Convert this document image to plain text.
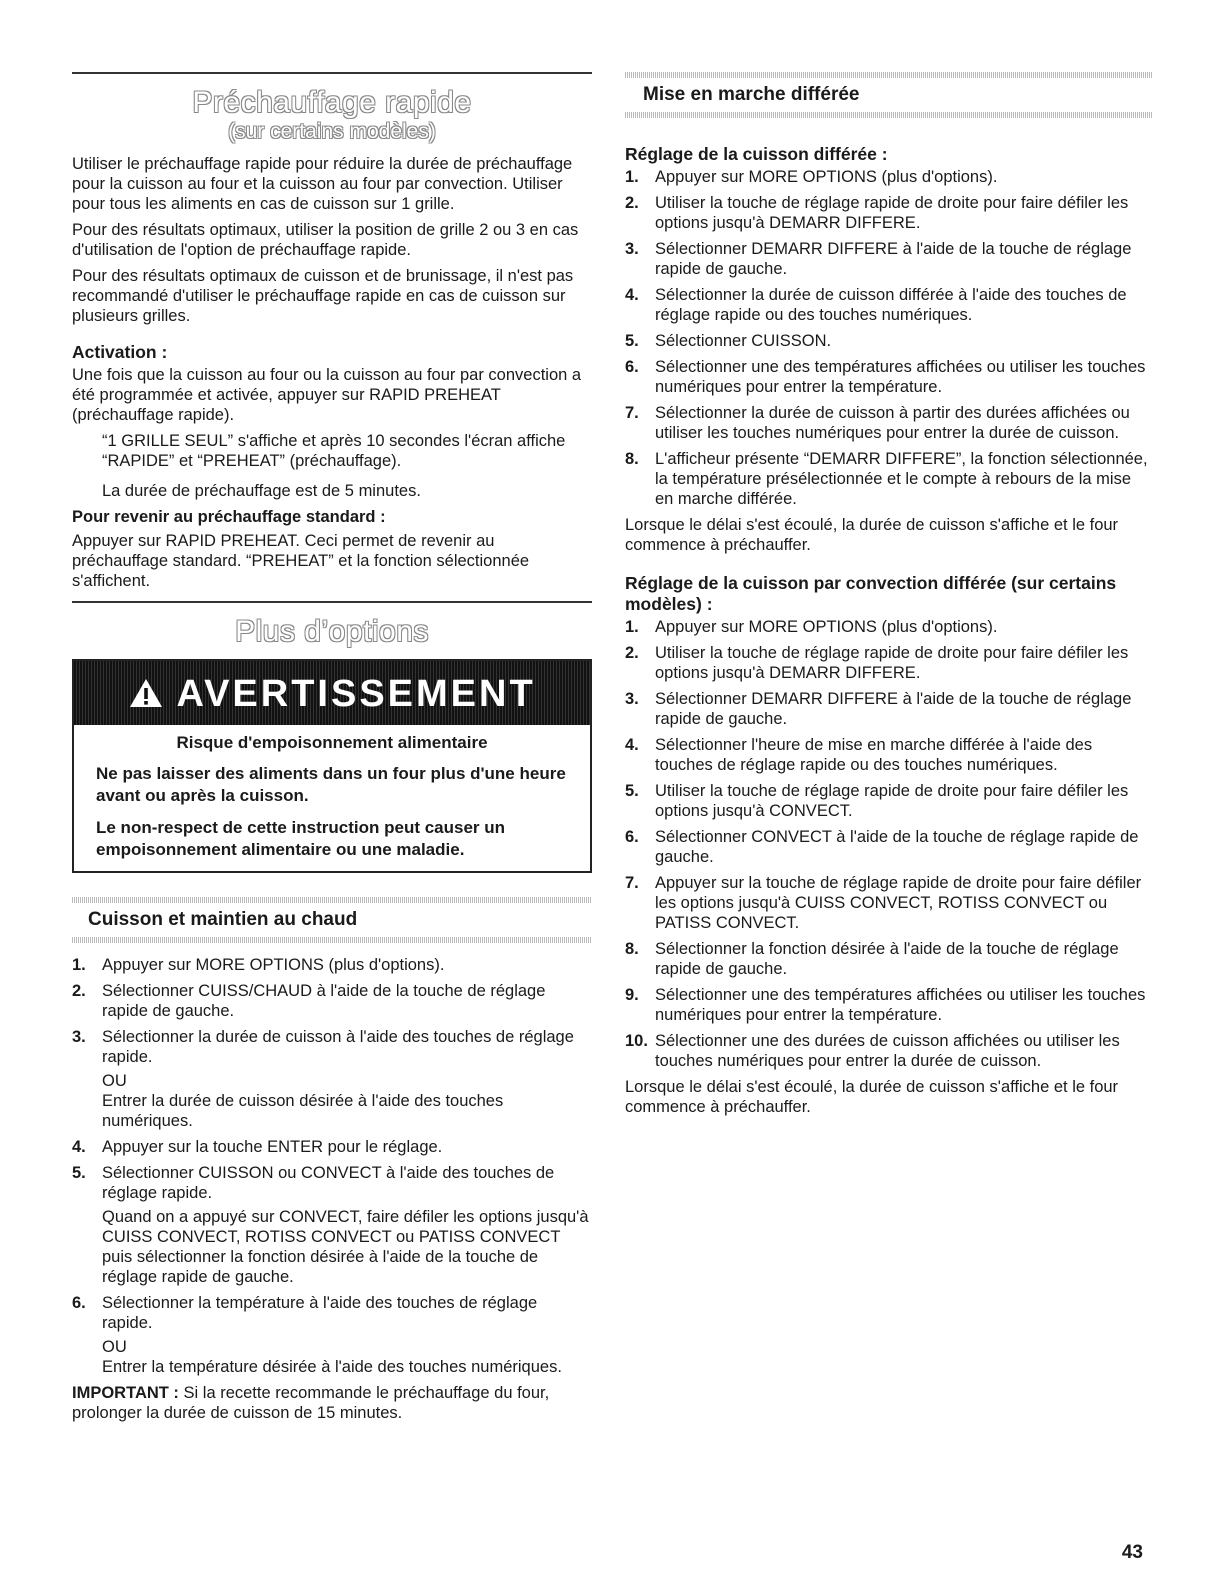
Préchauffage rapide
(sur certains modèles)

Utiliser le préchauffage rapide pour réduire la durée de préchauffage pour la cuisson au four et la cuisson au four par convection. Utiliser pour tous les aliments en cas de cuisson sur 1 grille.

Pour des résultats optimaux, utiliser la position de grille 2 ou 3 en cas d'utilisation de l'option de préchauffage rapide.

Pour des résultats optimaux de cuisson et de brunissage, il n'est pas recommandé d'utiliser le préchauffage rapide en cas de cuisson sur plusieurs grilles.

Activation :

Une fois que la cuisson au four ou la cuisson au four par convection a été programmée et activée, appuyer sur RAPID PREHEAT (préchauffage rapide).

“1 GRILLE SEUL” s'affiche et après 10 secondes l'écran affiche “RAPIDE” et “PREHEAT” (préchauffage).

La durée de préchauffage est de 5 minutes.

Pour revenir au préchauffage standard :

Appuyer sur RAPID PREHEAT. Ceci permet de revenir au préchauffage standard. “PREHEAT” et la fonction sélectionnée s'affichent.

Plus d’options
AVERTISSEMENT
Risque d'empoisonnement alimentaire
Ne pas laisser des aliments dans un four plus d'une heure avant ou après la cuisson.
Le non-respect de cette instruction peut causer un empoisonnement alimentaire ou une maladie.
Cuisson et maintien au chaud
1. Appuyer sur MORE OPTIONS (plus d'options).
2. Sélectionner CUISS/CHAUD à l'aide de la touche de réglage rapide de gauche.
3. Sélectionner la durée de cuisson à l'aide des touches de réglage rapide.
OU
Entrer la durée de cuisson désirée à l'aide des touches numériques.
4. Appuyer sur la touche ENTER pour le réglage.
5. Sélectionner CUISSON ou CONVECT à l'aide des touches de réglage rapide.
Quand on a appuyé sur CONVECT, faire défiler les options jusqu'à CUISS CONVECT, ROTISS CONVECT ou PATISS CONVECT puis sélectionner la fonction désirée à l'aide de la touche de réglage rapide de gauche.
6. Sélectionner la température à l'aide des touches de réglage rapide.
OU
Entrer la température désirée à l'aide des touches numériques.

IMPORTANT : Si la recette recommande le préchauffage du four, prolonger la durée de cuisson de 15 minutes.

Mise en marche différée
Réglage de la cuisson différée :
1. Appuyer sur MORE OPTIONS (plus d'options).
2. Utiliser la touche de réglage rapide de droite pour faire défiler les options jusqu'à DEMARR DIFFERE.
3. Sélectionner DEMARR DIFFERE à l'aide de la touche de réglage rapide de gauche.
4. Sélectionner la durée de cuisson différée à l'aide des touches de réglage rapide ou des touches numériques.
5. Sélectionner CUISSON.
6. Sélectionner une des températures affichées ou utiliser les touches numériques pour entrer la température.
7. Sélectionner la durée de cuisson à partir des durées affichées ou utiliser les touches numériques pour entrer la durée de cuisson.
8. L'afficheur présente “DEMARR DIFFERE”, la fonction sélectionnée, la température présélectionnée et le compte à rebours de la mise en marche différée.

Lorsque le délai s'est écoulé, la durée de cuisson s'affiche et le four commence à préchauffer.

Réglage de la cuisson par convection différée (sur certains modèles) :
1. Appuyer sur MORE OPTIONS (plus d'options).
2. Utiliser la touche de réglage rapide de droite pour faire défiler les options jusqu'à DEMARR DIFFERE.
3. Sélectionner DEMARR DIFFERE à l'aide de la touche de réglage rapide de gauche.
4. Sélectionner l'heure de mise en marche différée à l'aide des touches de réglage rapide ou des touches numériques.
5. Utiliser la touche de réglage rapide de droite pour faire défiler les options jusqu'à CONVECT.
6. Sélectionner CONVECT à l'aide de la touche de réglage rapide de gauche.
7. Appuyer sur la touche de réglage rapide de droite pour faire défiler les options jusqu'à CUISS CONVECT, ROTISS CONVECT ou PATISS CONVECT.
8. Sélectionner la fonction désirée à l'aide de la touche de réglage rapide de gauche.
9. Sélectionner une des températures affichées ou utiliser les touches numériques pour entrer la température.
10. Sélectionner une des durées de cuisson affichées ou utiliser les touches numériques pour entrer la durée de cuisson.

Lorsque le délai s'est écoulé, la durée de cuisson s'affiche et le four commence à préchauffer.

43
